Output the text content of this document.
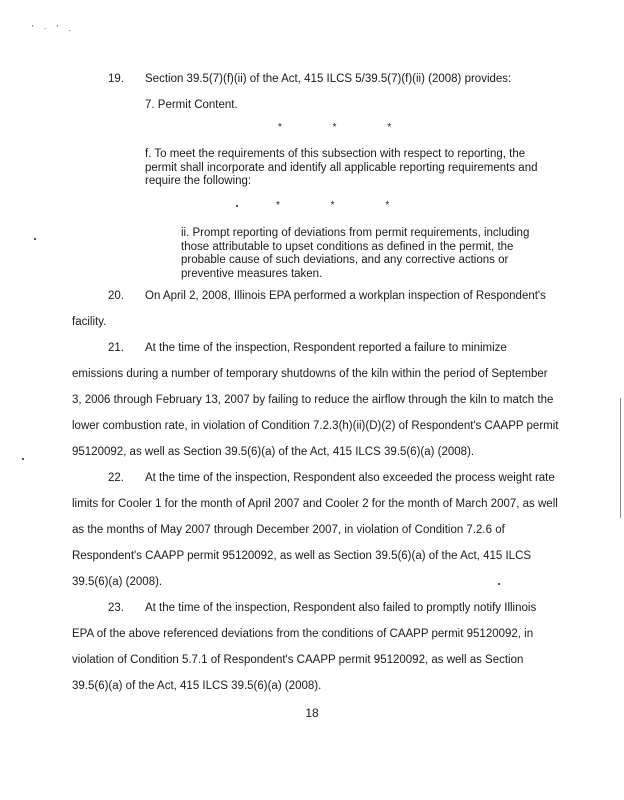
' · ' .
19. Section 39.5(7)(f)(ii) of the Act, 415 ILCS 5/39.5(7)(f)(ii) (2008) provides:
7. Permit Content.
* * *
f. To meet the requirements of this subsection with respect to reporting, the
permit shall incorporate and identify all applicable reporting requirements and
require the following:
* * *
ii. Prompt reporting of deviations from permit requirements, including
those attributable to upset conditions as defined in the permit, the
probable cause of such deviations, and any corrective actions or
preventive measures taken.
20. On April 2, 2008, Illinois EPA performed a workplan inspection of Respondent's
facility.
21. At the time of the inspection, Respondent reported a failure to minimize
emissions during a number of temporary shutdowns of the kiln within the period of September
3, 2006 through February 13, 2007 by failing to reduce the airflow through the kiln to match the
lower combustion rate, in violation of Condition 7.2.3(h)(ii)(D)(2) of Respondent's CAAPP permit
95120092, as well as Section 39.5(6)(a) of the Act, 415 ILCS 39.5(6)(a) (2008).
22. At the time of the inspection, Respondent also exceeded the process weight rate
limits for Cooler 1 for the month of April 2007 and Cooler 2 for the month of March 2007, as well
as the months of May 2007 through December 2007, in violation of Condition 7.2.6 of
Respondent's CAAPP permit 95120092, as well as Section 39.5(6)(a) of the Act, 415 ILCS
39.5(6)(a) (2008).
23. At the time of the inspection, Respondent also failed to promptly notify Illinois
EPA of the above referenced deviations from the conditions of CAAPP permit 95120092, in
violation of Condition 5.7.1 of Respondent's CAAPP permit 95120092, as well as Section
39.5(6)(a) of the Act, 415 ILCS 39.5(6)(a) (2008).
18
